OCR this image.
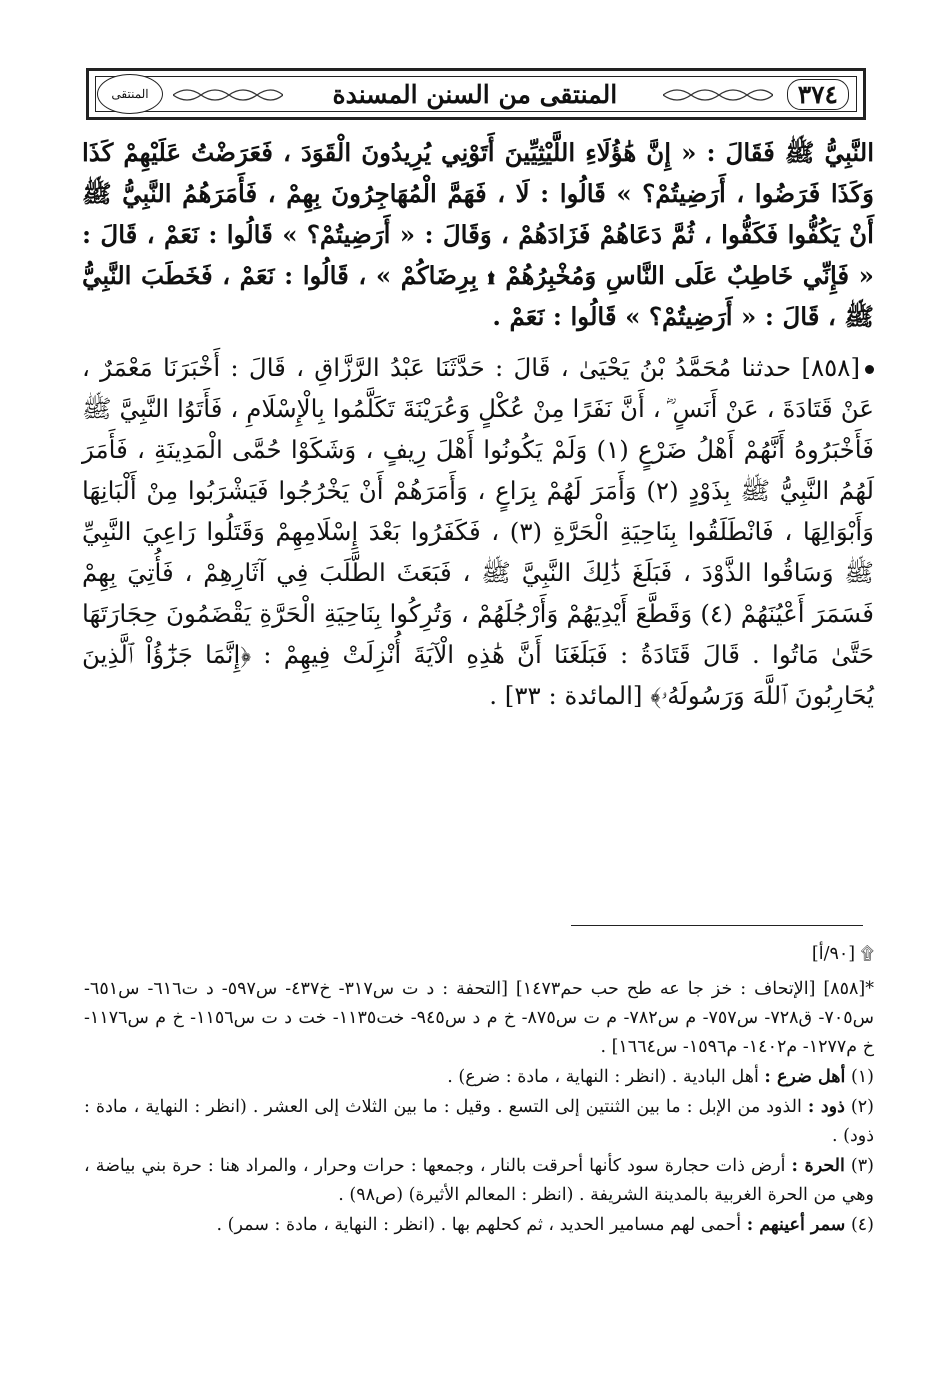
المنتقى	المنتقى من السنن المسندة	٣٧٤

النَّبِيُّ ﷺ فَقَالَ : « إِنَّ هَٰؤُلَاءِ اللَّيْثِيِّينَ أَتَوْنِي يُرِيدُونَ الْقَوَدَ ، فَعَرَضْتُ عَلَيْهِمْ كَذَا وَكَذَا فَرَضُوا ، أَرَضِيتُمْ؟ » قَالُوا : لَا ، فَهَمَّ الْمُهَاجِرُونَ بِهِمْ ، فَأَمَرَهُمُ النَّبِيُّ ﷺ أَنْ يَكُفُّوا فَكَفُّوا ، ثُمَّ دَعَاهُمْ فَزَادَهُمْ ، وَقَالَ : « أَرَضِيتُمْ؟ » قَالُوا : نَعَمْ ، قَالَ : « فَإِنِّي خَاطِبٌ عَلَى النَّاسِ وَمُخْبِرُهُمْ ۩ بِرِضَاكُمْ » ، قَالُوا : نَعَمْ ، فَخَطَبَ النَّبِيُّ ﷺ ، قَالَ : « أَرَضِيتُمْ؟ » قَالُوا : نَعَمْ .

[٨٥٨] حدثنا مُحَمَّدُ بْنُ يَحْيَىٰ ، قَالَ : حَدَّثَنَا عَبْدُ الرَّزَّاقِ ، قَالَ : أَخْبَرَنَا مَعْمَرٌ ، عَنْ قَتَادَةَ ، عَنْ أَنَسٍ ؓ ، أَنَّ نَفَرًا مِنْ عُكْلٍ وَعُرَيْنَةَ تَكَلَّمُوا بِالْإِسْلَامِ ، فَأَتَوُا النَّبِيَّ ﷺ فَأَخْبَرُوهُ أَنَّهُمْ أَهْلُ ضَرْعٍ (١) وَلَمْ يَكُونُوا أَهْلَ رِيفٍ ، وَشَكَوْا حُمَّى الْمَدِينَةِ ، فَأَمَرَ لَهُمُ النَّبِيُّ ﷺ بِذَوْدٍ (٢) وَأَمَرَ لَهُمْ بِرَاعٍ ، وَأَمَرَهُمْ أَنْ يَخْرُجُوا فَيَشْرَبُوا مِنْ أَلْبَانِهَا وَأَبْوَالِهَا ، فَانْطَلَقُوا بِنَاحِيَةِ الْحَرَّةِ (٣) ، فَكَفَرُوا بَعْدَ إِسْلَامِهِمْ وَقَتَلُوا رَاعِيَ النَّبِيِّ ﷺ وَسَاقُوا الذَّوْدَ ، فَبَلَغَ ذَٰلِكَ النَّبِيَّ ﷺ ، فَبَعَثَ الطَّلَبَ فِي آثَارِهِمْ ، فَأُتِيَ بِهِمْ فَسَمَرَ أَعْيُنَهُمْ (٤) وَقَطَّعَ أَيْدِيَهُمْ وَأَرْجُلَهُمْ ، وَتُرِكُوا بِنَاحِيَةِ الْحَرَّةِ يَقْضَمُونَ حِجَارَتَهَا حَتَّىٰ مَاتُوا . قَالَ قَتَادَةُ : فَبَلَغَنَا أَنَّ هَٰذِهِ الْآيَةَ أُنْزِلَتْ فِيهِمْ : ﴿إِنَّمَا جَزَٰٓؤُاْ ٱلَّذِينَ يُحَارِبُونَ ٱللَّهَ وَرَسُولَهُۥ﴾ [المائدة : ٣٣] .

۩ [٩٠/أ]

*[٨٥٨] [الإتحاف : خز جا عه طح حب حم١٤٧٣] [التحفة : د ت س٣١٧- خ٤٣٧- س٥٩٧- د ت٦١٦- س٦٥١- س٧٠٥- ق٧٢٨- س٧٥٧- م س٧٨٢- م ت س٨٧٥- خ م د س٩٤٥- خت١١٣٥- خت د ت س١١٥٦- خ م س١١٧٦- خ م١٢٧٧- م١٤٠٢- م١٥٩٦- س١٦٦٤] .

(١) أهل ضرع : أهل البادية . (انظر : النهاية ، مادة : ضرع) .

(٢) ذود : الذود من الإبل : ما بين الثنتين إلى التسع . وقيل : ما بين الثلاث إلى العشر . (انظر : النهاية ، مادة : ذود) .

(٣) الحرة : أرض ذات حجارة سود كأنها أحرقت بالنار ، وجمعها : حرات وحرار ، والمراد هنا : حرة بني بياضة ، وهي من الحرة الغربية بالمدينة الشريفة . (انظر : المعالم الأثيرة) (ص٩٨) .

(٤) سمر أعينهم : أحمى لهم مسامير الحديد ، ثم كحلهم بها . (انظر : النهاية ، مادة : سمر) .
